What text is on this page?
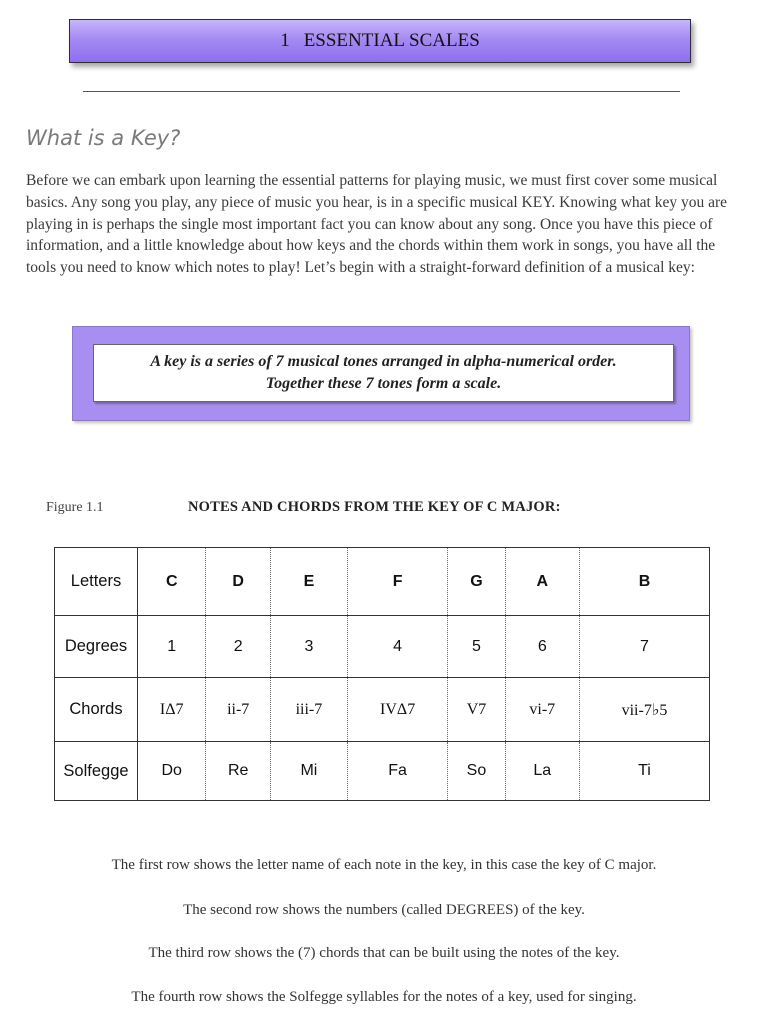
1 ESSENTIAL SCALES
What is a Key?

Before we can embark upon learning the essential patterns for playing music, we must first cover some musical basics. Any song you play, any piece of music you hear, is in a specific musical KEY. Knowing what key you are playing in is perhaps the single most important fact you can know about any song. Once you have this piece of information, and a little knowledge about how keys and the chords within them work in songs, you have all the tools you need to know which notes to play! Let’s begin with a straight-forward definition of a musical key:

A key is a series of 7 musical tones arranged in alpha-numerical order.
Together these 7 tones form a scale.
Figure 1.1	NOTES AND CHORDS FROM THE KEY OF C MAJOR:
Letters	C	D	E	F	G	A	B
Degrees	1	2	3	4	5	6	7
Chords	IΔ7	ii-7	iii-7	IVΔ7	V7	vi-7	vii-7♭5
Solfegge	Do	Re	Mi	Fa	So	La	Ti

The first row shows the letter name of each note in the key, in this case the key of C major.

The second row shows the numbers (called DEGREES) of the key.

The third row shows the (7) chords that can be built using the notes of the key.

The fourth row shows the Solfegge syllables for the notes of a key, used for singing.
